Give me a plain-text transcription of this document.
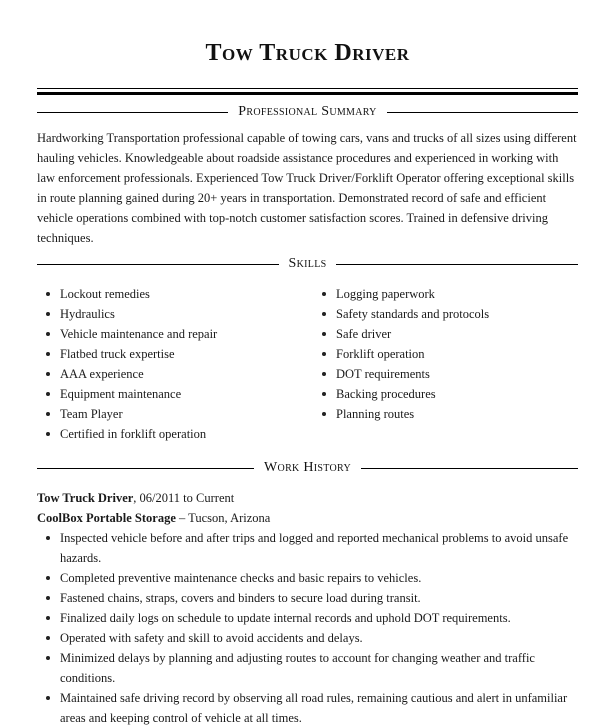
Tow Truck Driver
Professional Summary

Hardworking Transportation professional capable of towing cars, vans and trucks of all sizes using different hauling vehicles. Knowledgeable about roadside assistance procedures and experienced in working with law enforcement professionals. Experienced Tow Truck Driver/Forklift Operator offering exceptional skills in route planning gained during 20+ years in transportation. Demonstrated record of safe and efficient vehicle operations combined with top-notch customer satisfaction scores. Trained in defensive driving techniques.

Skills
Lockout remedies
Hydraulics
Vehicle maintenance and repair
Flatbed truck expertise
AAA experience
Equipment maintenance
Team Player
Certified in forklift operation
Logging paperwork
Safety standards and protocols
Safe driver
Forklift operation
DOT requirements
Backing procedures
Planning routes
Work History
Tow Truck Driver, 06/2011 to Current
CoolBox Portable Storage – Tucson, Arizona
Inspected vehicle before and after trips and logged and reported mechanical problems to avoid unsafe hazards.
Completed preventive maintenance checks and basic repairs to vehicles.
Fastened chains, straps, covers and binders to secure load during transit.
Finalized daily logs on schedule to update internal records and uphold DOT requirements.
Operated with safety and skill to avoid accidents and delays.
Minimized delays by planning and adjusting routes to account for changing weather and traffic conditions.
Maintained safe driving record by observing all road rules, remaining cautious and alert in unfamiliar areas and keeping control of vehicle at all times.
